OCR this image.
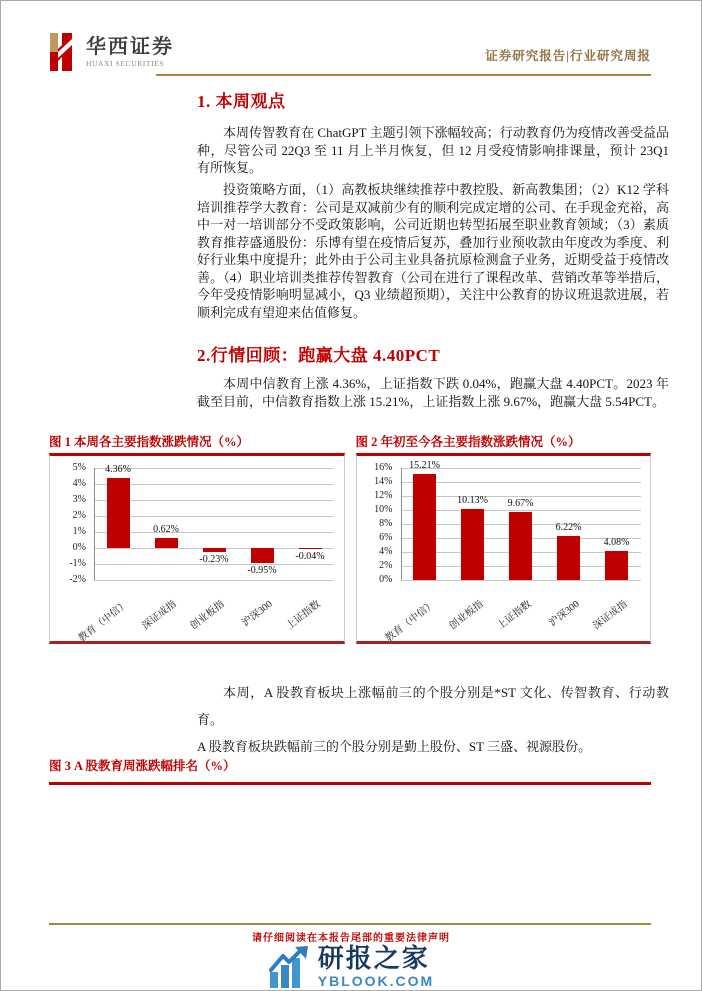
华西证券
HUAXI SECURITIES
证券研究报告|行业研究周报
1. 本周观点

本周传智教育在 ChatGPT 主题引领下涨幅较高；行动教育仍为疫情改善受益品种，尽管公司 22Q3 至 11 月上半月恢复，但 12 月受疫情影响排课量，预计 23Q1 有所恢复。

投资策略方面，（1）高教板块继续推荐中教控股、新高教集团；（2）K12 学科培训推荐学大教育：公司是双减前少有的顺利完成定增的公司、在手现金充裕，高中一对一培训部分不受政策影响，公司近期也转型拓展至职业教育领域；（3）素质教育推荐盛通股份：乐博有望在疫情后复苏，叠加行业预收款由年度改为季度、利好行业集中度提升；此外由于公司主业具备抗原检测盒子业务，近期受益于疫情改善。（4）职业培训类推荐传智教育（公司在进行了课程改革、营销改革等举措后，今年受疫情影响明显减小，Q3 业绩超预期），关注中公教育的协议班退款进展，若顺利完成有望迎来估值修复。

2.行情回顾：跑赢大盘 4.40PCT

本周中信教育上涨 4.36%，上证指数下跌 0.04%，跑赢大盘 4.40PCT。2023 年截至目前，中信教育指数上涨 15.21%，上证指数上涨 9.67%，跑赢大盘 5.54PCT。

图 1 本周各主要指数涨跌情况（%）
-2%
-1%
0%
1%
2%
3%
4%
5%	4.36%
教育（中信）
0.62%
深证成指
-0.23%
创业板指
-0.95%
沪深300
-0.04%
上证指数
图 2 年初至今各主要指数涨跌情况（%）
0%
2%
4%
6%
8%
10%
12%
14%
16%	15.21%
教育（中信）
10.13%
创业板指
9.67%
上证指数
6.22%
沪深300
4.08%
深证成指
本周，A 股教育板块上涨幅前三的个股分别是*ST 文化、传智教育、行动教育。
A 股教育板块跌幅前三的个股分别是勤上股份、ST 三盛、视源股份。
图 3 A 股教育周涨跌幅排名（%）
请仔细阅读在本报告尾部的重要法律声明
研报之家
YBLOOK.COM
